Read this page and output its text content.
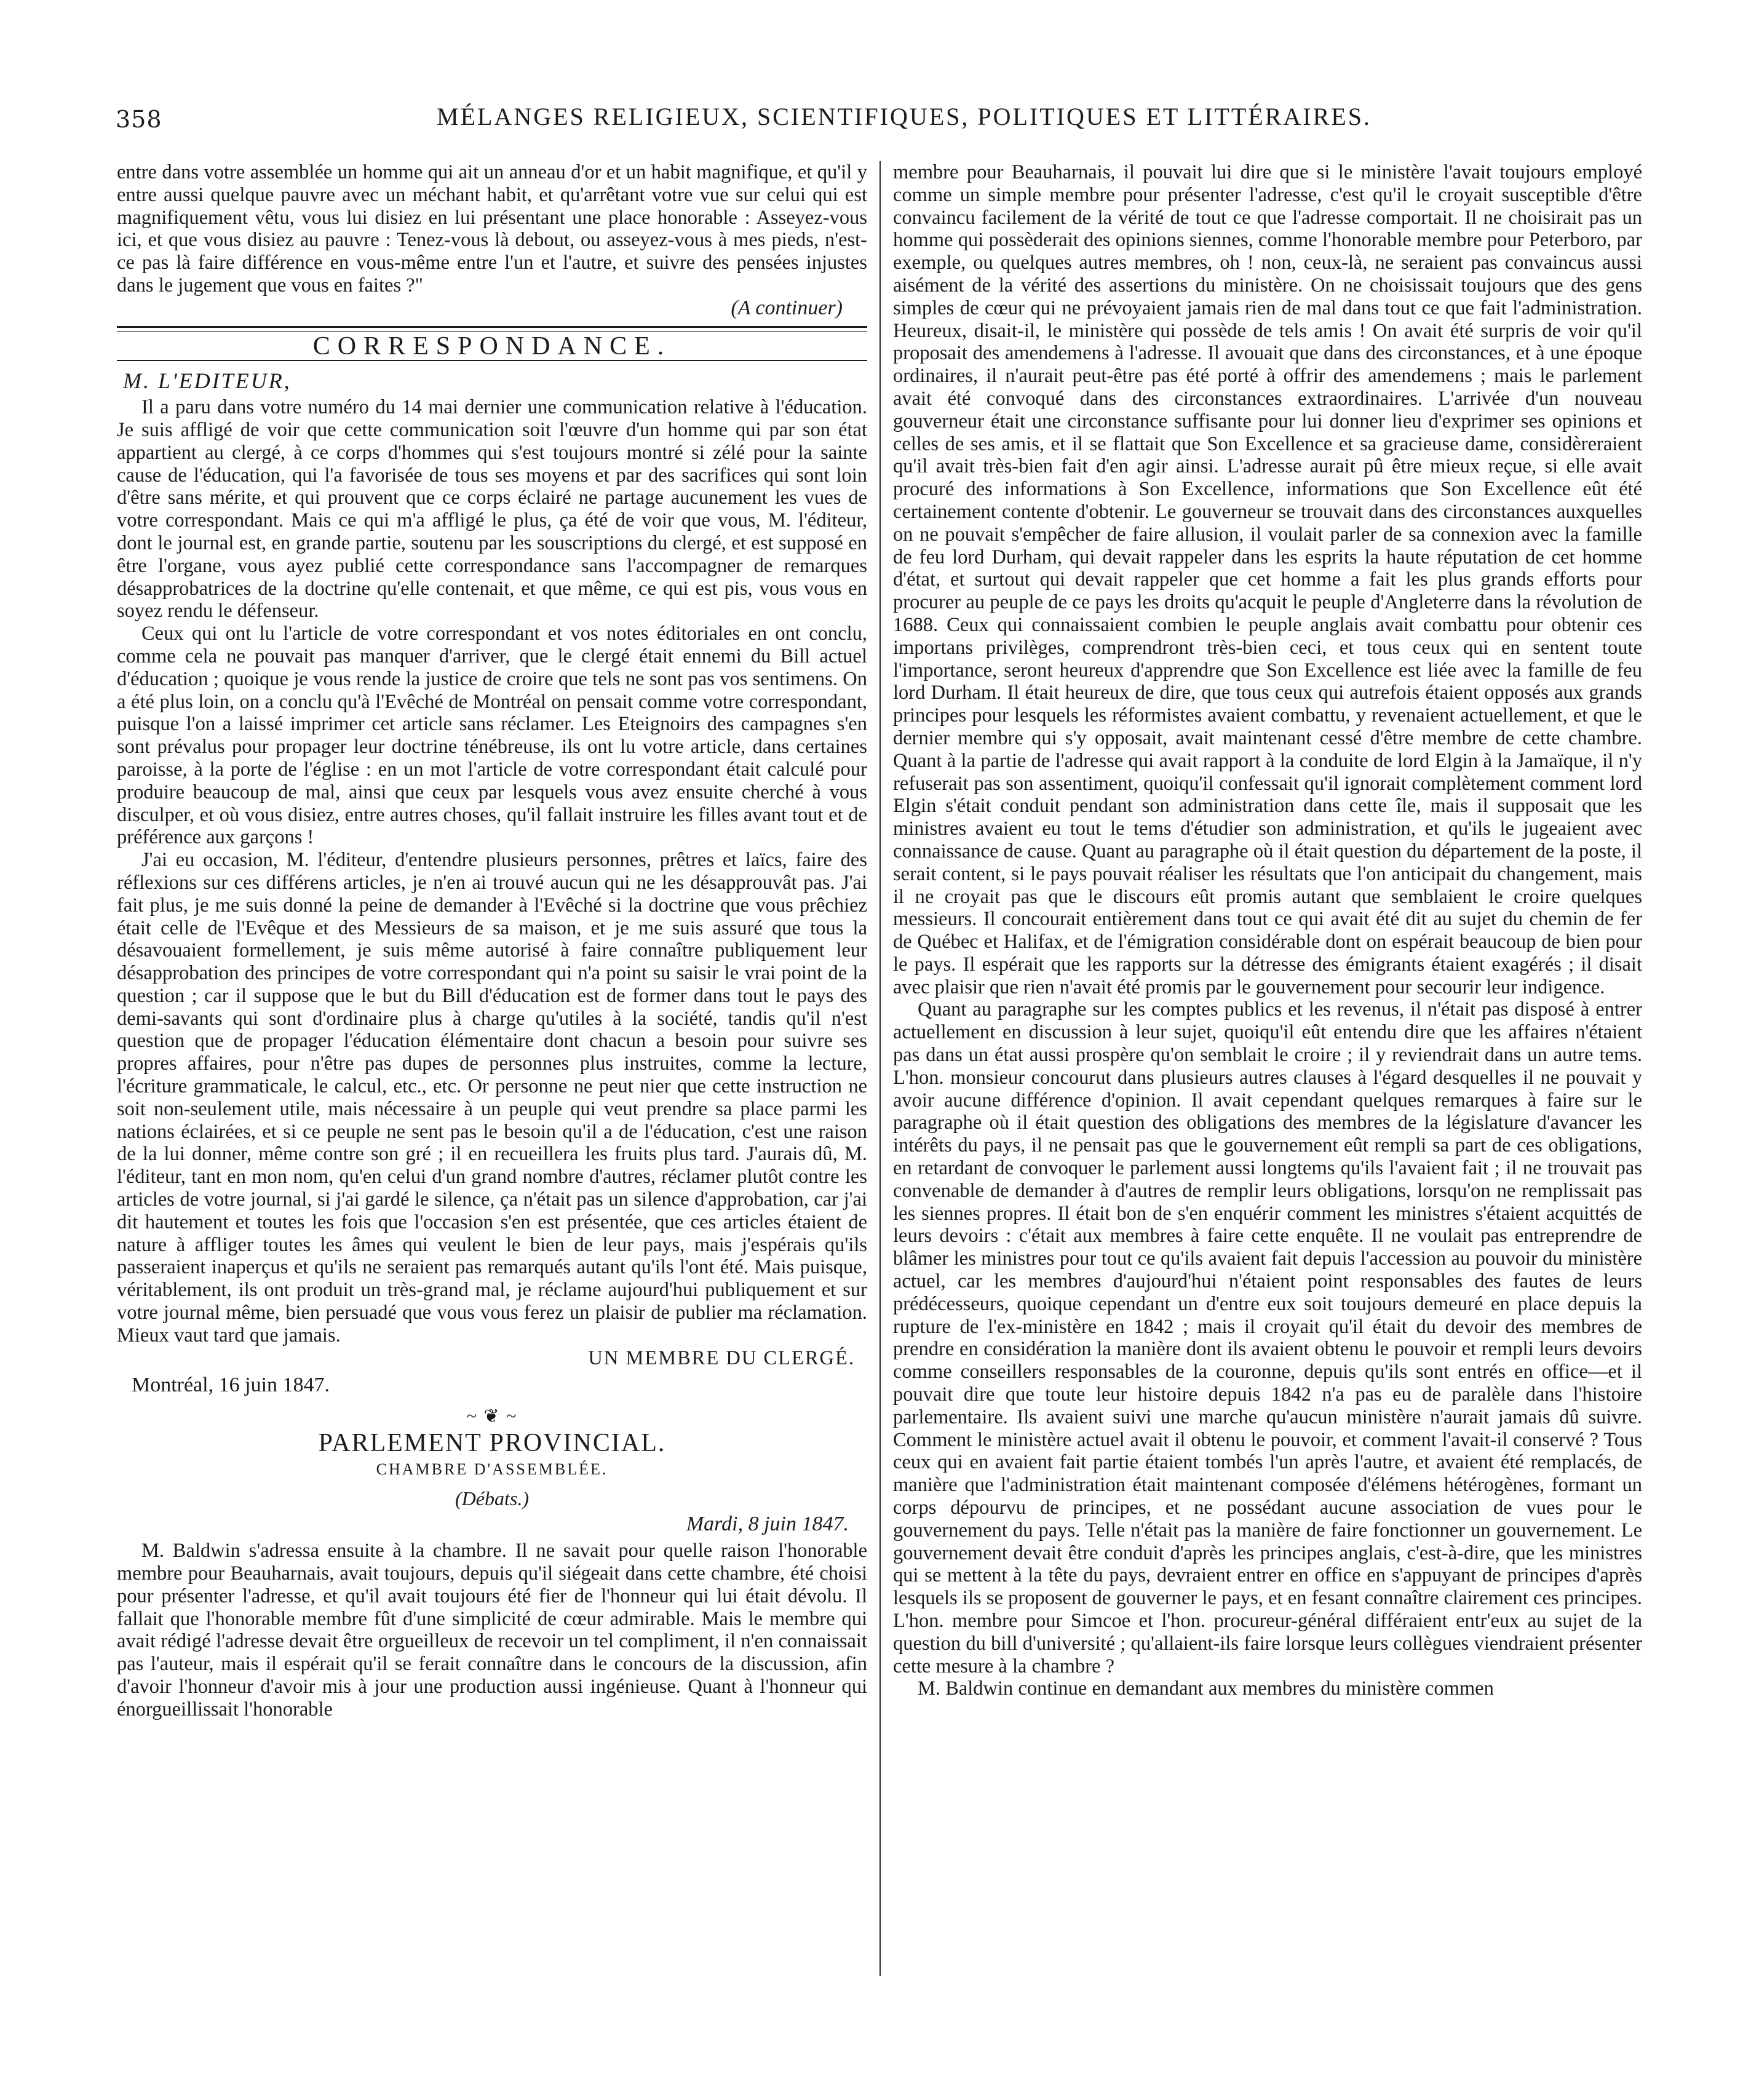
358	MÉLANGES RELIGIEUX, SCIENTIFIQUES, POLITIQUES ET LITTÉRAIRES.

entre dans votre assemblée un homme qui ait un anneau d'or et un habit magnifique, et qu'il y entre aussi quelque pauvre avec un méchant habit, et qu'arrêtant votre vue sur celui qui est magnifiquement vêtu, vous lui disiez en lui présentant une place honorable : Asseyez-vous ici, et que vous disiez au pauvre : Tenez-vous là debout, ou asseyez-vous à mes pieds, n'est-ce pas là faire différence en vous-même entre l'un et l'autre, et suivre des pensées injustes dans le jugement que vous en faites ?"

(A continuer)
CORRESPONDANCE.
M. L'EDITEUR,

Il a paru dans votre numéro du 14 mai dernier une communication relative à l'éducation. Je suis affligé de voir que cette communication soit l'œuvre d'un homme qui par son état appartient au clergé, à ce corps d'hommes qui s'est toujours montré si zélé pour la sainte cause de l'éducation, qui l'a favorisée de tous ses moyens et par des sacrifices qui sont loin d'être sans mérite, et qui prouvent que ce corps éclairé ne partage aucunement les vues de votre correspondant. Mais ce qui m'a affligé le plus, ça été de voir que vous, M. l'éditeur, dont le journal est, en grande partie, soutenu par les souscriptions du clergé, et est supposé en être l'organe, vous ayez publié cette correspondance sans l'accompagner de remarques désapprobatrices de la doctrine qu'elle contenait, et que même, ce qui est pis, vous vous en soyez rendu le défenseur.

Ceux qui ont lu l'article de votre correspondant et vos notes éditoriales en ont conclu, comme cela ne pouvait pas manquer d'arriver, que le clergé était ennemi du Bill actuel d'éducation ; quoique je vous rende la justice de croire que tels ne sont pas vos sentimens. On a été plus loin, on a conclu qu'à l'Evêché de Montréal on pensait comme votre correspondant, puisque l'on a laissé imprimer cet article sans réclamer. Les Eteignoirs des campagnes s'en sont prévalus pour propager leur doctrine ténébreuse, ils ont lu votre article, dans certaines paroisse, à la porte de l'église : en un mot l'article de votre correspondant était calculé pour produire beaucoup de mal, ainsi que ceux par lesquels vous avez ensuite cherché à vous disculper, et où vous disiez, entre autres choses, qu'il fallait instruire les filles avant tout et de préférence aux garçons !

J'ai eu occasion, M. l'éditeur, d'entendre plusieurs personnes, prêtres et laïcs, faire des réflexions sur ces différens articles, je n'en ai trouvé aucun qui ne les désapprouvât pas. J'ai fait plus, je me suis donné la peine de demander à l'Evêché si la doctrine que vous prêchiez était celle de l'Evêque et des Messieurs de sa maison, et je me suis assuré que tous la désavouaient formellement, je suis même autorisé à faire connaître publiquement leur désapprobation des principes de votre correspondant qui n'a point su saisir le vrai point de la question ; car il suppose que le but du Bill d'éducation est de former dans tout le pays des demi-savants qui sont d'ordinaire plus à charge qu'utiles à la société, tandis qu'il n'est question que de propager l'éducation élémentaire dont chacun a besoin pour suivre ses propres affaires, pour n'être pas dupes de personnes plus instruites, comme la lecture, l'écriture grammaticale, le calcul, etc., etc. Or personne ne peut nier que cette instruction ne soit non-seulement utile, mais nécessaire à un peuple qui veut prendre sa place parmi les nations éclairées, et si ce peuple ne sent pas le besoin qu'il a de l'éducation, c'est une raison de la lui donner, même contre son gré ; il en recueillera les fruits plus tard. J'aurais dû, M. l'éditeur, tant en mon nom, qu'en celui d'un grand nombre d'autres, réclamer plutôt contre les articles de votre journal, si j'ai gardé le silence, ça n'était pas un silence d'approbation, car j'ai dit hautement et toutes les fois que l'occasion s'en est présentée, que ces articles étaient de nature à affliger toutes les âmes qui veulent le bien de leur pays, mais j'espérais qu'ils passeraient inaperçus et qu'ils ne seraient pas remarqués autant qu'ils l'ont été. Mais puisque, véritablement, ils ont produit un très-grand mal, je réclame aujourd'hui publiquement et sur votre journal même, bien persuadé que vous vous ferez un plaisir de publier ma réclamation. Mieux vaut tard que jamais.

UN MEMBRE DU CLERGÉ.

Montréal, 16 juin 1847.

~ ❦ ~
PARLEMENT PROVINCIAL.
CHAMBRE D'ASSEMBLÉE.
(Débats.)
Mardi, 8 juin 1847.

M. Baldwin s'adressa ensuite à la chambre. Il ne savait pour quelle raison l'honorable membre pour Beauharnais, avait toujours, depuis qu'il siégeait dans cette chambre, été choisi pour présenter l'adresse, et qu'il avait toujours été fier de l'honneur qui lui était dévolu. Il fallait que l'honorable membre fût d'une simplicité de cœur admirable. Mais le membre qui avait rédigé l'adresse devait être orgueilleux de recevoir un tel compliment, il n'en connaissait pas l'auteur, mais il espérait qu'il se ferait connaître dans le concours de la discussion, afin d'avoir l'honneur d'avoir mis à jour une production aussi ingénieuse. Quant à l'honneur qui énorgueillissait l'honorable

membre pour Beauharnais, il pouvait lui dire que si le ministère l'avait toujours employé comme un simple membre pour présenter l'adresse, c'est qu'il le croyait susceptible d'être convaincu facilement de la vérité de tout ce que l'adresse comportait. Il ne choisirait pas un homme qui possèderait des opinions siennes, comme l'honorable membre pour Peterboro, par exemple, ou quelques autres membres, oh ! non, ceux-là, ne seraient pas convaincus aussi aisément de la vérité des assertions du ministère. On ne choisissait toujours que des gens simples de cœur qui ne prévoyaient jamais rien de mal dans tout ce que fait l'administration. Heureux, disait-il, le ministère qui possède de tels amis ! On avait été surpris de voir qu'il proposait des amendemens à l'adresse. Il avouait que dans des circonstances, et à une époque ordinaires, il n'aurait peut-être pas été porté à offrir des amendemens ; mais le parlement avait été convoqué dans des circonstances extraordinaires. L'arrivée d'un nouveau gouverneur était une circonstance suffisante pour lui donner lieu d'exprimer ses opinions et celles de ses amis, et il se flattait que Son Excellence et sa gracieuse dame, considèreraient qu'il avait très-bien fait d'en agir ainsi. L'adresse aurait pû être mieux reçue, si elle avait procuré des informations à Son Excellence, informations que Son Excellence eût été certainement contente d'obtenir. Le gouverneur se trouvait dans des circonstances auxquelles on ne pouvait s'empêcher de faire allusion, il voulait parler de sa connexion avec la famille de feu lord Durham, qui devait rappeler dans les esprits la haute réputation de cet homme d'état, et surtout qui devait rappeler que cet homme a fait les plus grands efforts pour procurer au peuple de ce pays les droits qu'acquit le peuple d'Angleterre dans la révolution de 1688. Ceux qui connaissaient combien le peuple anglais avait combattu pour obtenir ces importans privilèges, comprendront très-bien ceci, et tous ceux qui en sentent toute l'importance, seront heureux d'apprendre que Son Excellence est liée avec la famille de feu lord Durham. Il était heureux de dire, que tous ceux qui autrefois étaient opposés aux grands principes pour lesquels les réformistes avaient combattu, y revenaient actuellement, et que le dernier membre qui s'y opposait, avait maintenant cessé d'être membre de cette chambre. Quant à la partie de l'adresse qui avait rapport à la conduite de lord Elgin à la Jamaïque, il n'y refuserait pas son assentiment, quoiqu'il confessait qu'il ignorait complètement comment lord Elgin s'était conduit pendant son administration dans cette île, mais il supposait que les ministres avaient eu tout le tems d'étudier son administration, et qu'ils le jugeaient avec connaissance de cause. Quant au paragraphe où il était question du département de la poste, il serait content, si le pays pouvait réaliser les résultats que l'on anticipait du changement, mais il ne croyait pas que le discours eût promis autant que semblaient le croire quelques messieurs. Il concourait entièrement dans tout ce qui avait été dit au sujet du chemin de fer de Québec et Halifax, et de l'émigration considérable dont on espérait beaucoup de bien pour le pays. Il espérait que les rapports sur la détresse des émigrants étaient exagérés ; il disait avec plaisir que rien n'avait été promis par le gouvernement pour secourir leur indigence.

Quant au paragraphe sur les comptes publics et les revenus, il n'était pas disposé à entrer actuellement en discussion à leur sujet, quoiqu'il eût entendu dire que les affaires n'étaient pas dans un état aussi prospère qu'on semblait le croire ; il y reviendrait dans un autre tems. L'hon. monsieur concourut dans plusieurs autres clauses à l'égard desquelles il ne pouvait y avoir aucune différence d'opinion. Il avait cependant quelques remarques à faire sur le paragraphe où il était question des obligations des membres de la législature d'avancer les intérêts du pays, il ne pensait pas que le gouvernement eût rempli sa part de ces obligations, en retardant de convoquer le parlement aussi longtems qu'ils l'avaient fait ; il ne trouvait pas convenable de demander à d'autres de remplir leurs obligations, lorsqu'on ne remplissait pas les siennes propres. Il était bon de s'en enquérir comment les ministres s'étaient acquittés de leurs devoirs : c'était aux membres à faire cette enquête. Il ne voulait pas entreprendre de blâmer les ministres pour tout ce qu'ils avaient fait depuis l'accession au pouvoir du ministère actuel, car les membres d'aujourd'hui n'étaient point responsables des fautes de leurs prédécesseurs, quoique cependant un d'entre eux soit toujours demeuré en place depuis la rupture de l'ex-ministère en 1842 ; mais il croyait qu'il était du devoir des membres de prendre en considération la manière dont ils avaient obtenu le pouvoir et rempli leurs devoirs comme conseillers responsables de la couronne, depuis qu'ils sont entrés en office—et il pouvait dire que toute leur histoire depuis 1842 n'a pas eu de paralèle dans l'histoire parlementaire. Ils avaient suivi une marche qu'aucun ministère n'aurait jamais dû suivre. Comment le ministère actuel avait il obtenu le pouvoir, et comment l'avait-il conservé ? Tous ceux qui en avaient fait partie étaient tombés l'un après l'autre, et avaient été remplacés, de manière que l'administration était maintenant composée d'élémens hétérogènes, formant un corps dépourvu de principes, et ne possédant aucune association de vues pour le gouvernement du pays. Telle n'était pas la manière de faire fonctionner un gouvernement. Le gouvernement devait être conduit d'après les principes anglais, c'est-à-dire, que les ministres qui se mettent à la tête du pays, devraient entrer en office en s'appuyant de principes d'après lesquels ils se proposent de gouverner le pays, et en fesant connaître clairement ces principes. L'hon. membre pour Simcoe et l'hon. procureur-général différaient entr'eux au sujet de la question du bill d'université ; qu'allaient-ils faire lorsque leurs collègues viendraient présenter cette mesure à la chambre ?

M. Baldwin continue en demandant aux membres du ministère commen
